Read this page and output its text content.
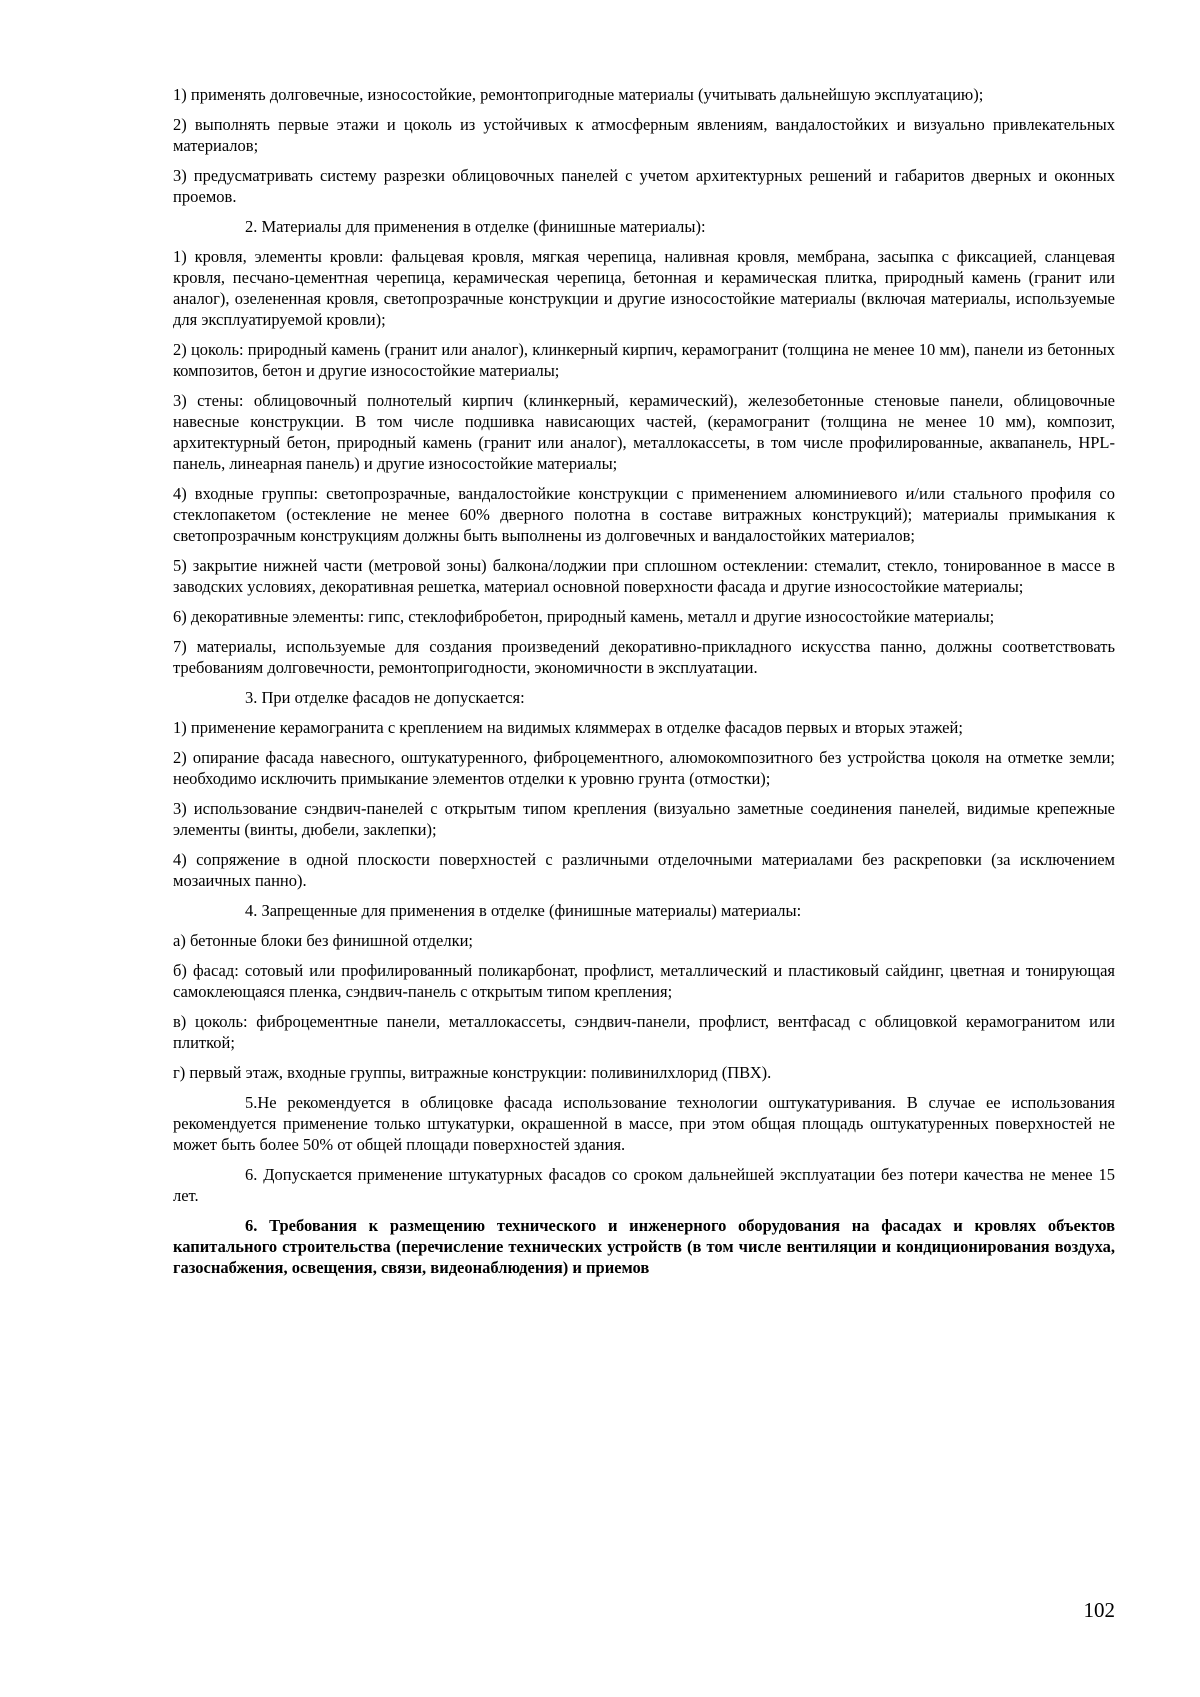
1) применять долговечные, износостойкие, ремонтопригодные материалы (учитывать дальнейшую эксплуатацию);

2) выполнять первые этажи и цоколь из устойчивых к атмосферным явлениям, вандалостойких и визуально привлекательных материалов;

3) предусматривать систему разрезки облицовочных панелей с учетом архитектурных решений и габаритов дверных и оконных проемов.

2. Материалы для применения в отделке (финишные материалы):

1) кровля, элементы кровли: фальцевая кровля, мягкая черепица, наливная кровля, мембрана, засыпка с фиксацией, сланцевая кровля, песчано-цементная черепица, керамическая черепица, бетонная и керамическая плитка, природный камень (гранит или аналог), озелененная кровля, светопрозрачные конструкции и другие износостойкие материалы (включая материалы, используемые для эксплуатируемой кровли);

2) цоколь: природный камень (гранит или аналог), клинкерный кирпич, керамогранит (толщина не менее 10 мм), панели из бетонных композитов, бетон и другие износостойкие материалы;

3) стены: облицовочный полнотелый кирпич (клинкерный, керамический), железобетонные стеновые панели, облицовочные навесные конструкции. В том числе подшивка нависающих частей, (керамогранит (толщина не менее 10 мм), композит, архитектурный бетон, природный камень (гранит или аналог), металлокассеты, в том числе профилированные, аквапанель, HPL-панель, линеарная панель) и другие износостойкие материалы;

4) входные группы: светопрозрачные, вандалостойкие конструкции с применением алюминиевого и/или стального профиля со стеклопакетом (остекление не менее 60% дверного полотна в составе витражных конструкций); материалы примыкания к светопрозрачным конструкциям должны быть выполнены из долговечных и вандалостойких материалов;

5) закрытие нижней части (метровой зоны) балкона/лоджии при сплошном остеклении: стемалит, стекло, тонированное в массе в заводских условиях, декоративная решетка, материал основной поверхности фасада и другие износостойкие материалы;

6) декоративные элементы: гипс, стеклофибробетон, природный камень, металл и другие износостойкие материалы;

7) материалы, используемые для создания произведений декоративно-прикладного искусства панно, должны соответствовать требованиям долговечности, ремонтопригодности, экономичности в эксплуатации.

3. При отделке фасадов не допускается:

1) применение керамогранита с креплением на видимых кляммерах в отделке фасадов первых и вторых этажей;

2) опирание фасада навесного, оштукатуренного, фиброцементного, алюмокомпозитного без устройства цоколя на отметке земли; необходимо исключить примыкание элементов отделки к уровню грунта (отмостки);

3) использование сэндвич-панелей с открытым типом крепления (визуально заметные соединения панелей, видимые крепежные элементы (винты, дюбели, заклепки);

4) сопряжение в одной плоскости поверхностей с различными отделочными материалами без раскреповки (за исключением мозаичных панно).

4. Запрещенные для применения в отделке (финишные материалы) материалы:

а) бетонные блоки без финишной отделки;

б) фасад: сотовый или профилированный поликарбонат, профлист, металлический и пластиковый сайдинг, цветная и тонирующая самоклеющаяся пленка, сэндвич-панель с открытым типом крепления;

в) цоколь: фиброцементные панели, металлокассеты, сэндвич-панели, профлист, вентфасад с облицовкой керамогранитом или плиткой;

г) первый этаж, входные группы, витражные конструкции: поливинилхлорид (ПВХ).

5.Не рекомендуется в облицовке фасада использование технологии оштукатуривания. В случае ее использования рекомендуется применение только штукатурки, окрашенной в массе, при этом общая площадь оштукатуренных поверхностей не может быть более 50% от общей площади поверхностей здания.

6. Допускается применение штукатурных фасадов со сроком дальнейшей эксплуатации без потери качества не менее 15 лет.

6. Требования к размещению технического и инженерного оборудования на фасадах и кровлях объектов капитального строительства (перечисление технических устройств (в том числе вентиляции и кондиционирования воздуха, газоснабжения, освещения, связи, видеонаблюдения) и приемов

102
